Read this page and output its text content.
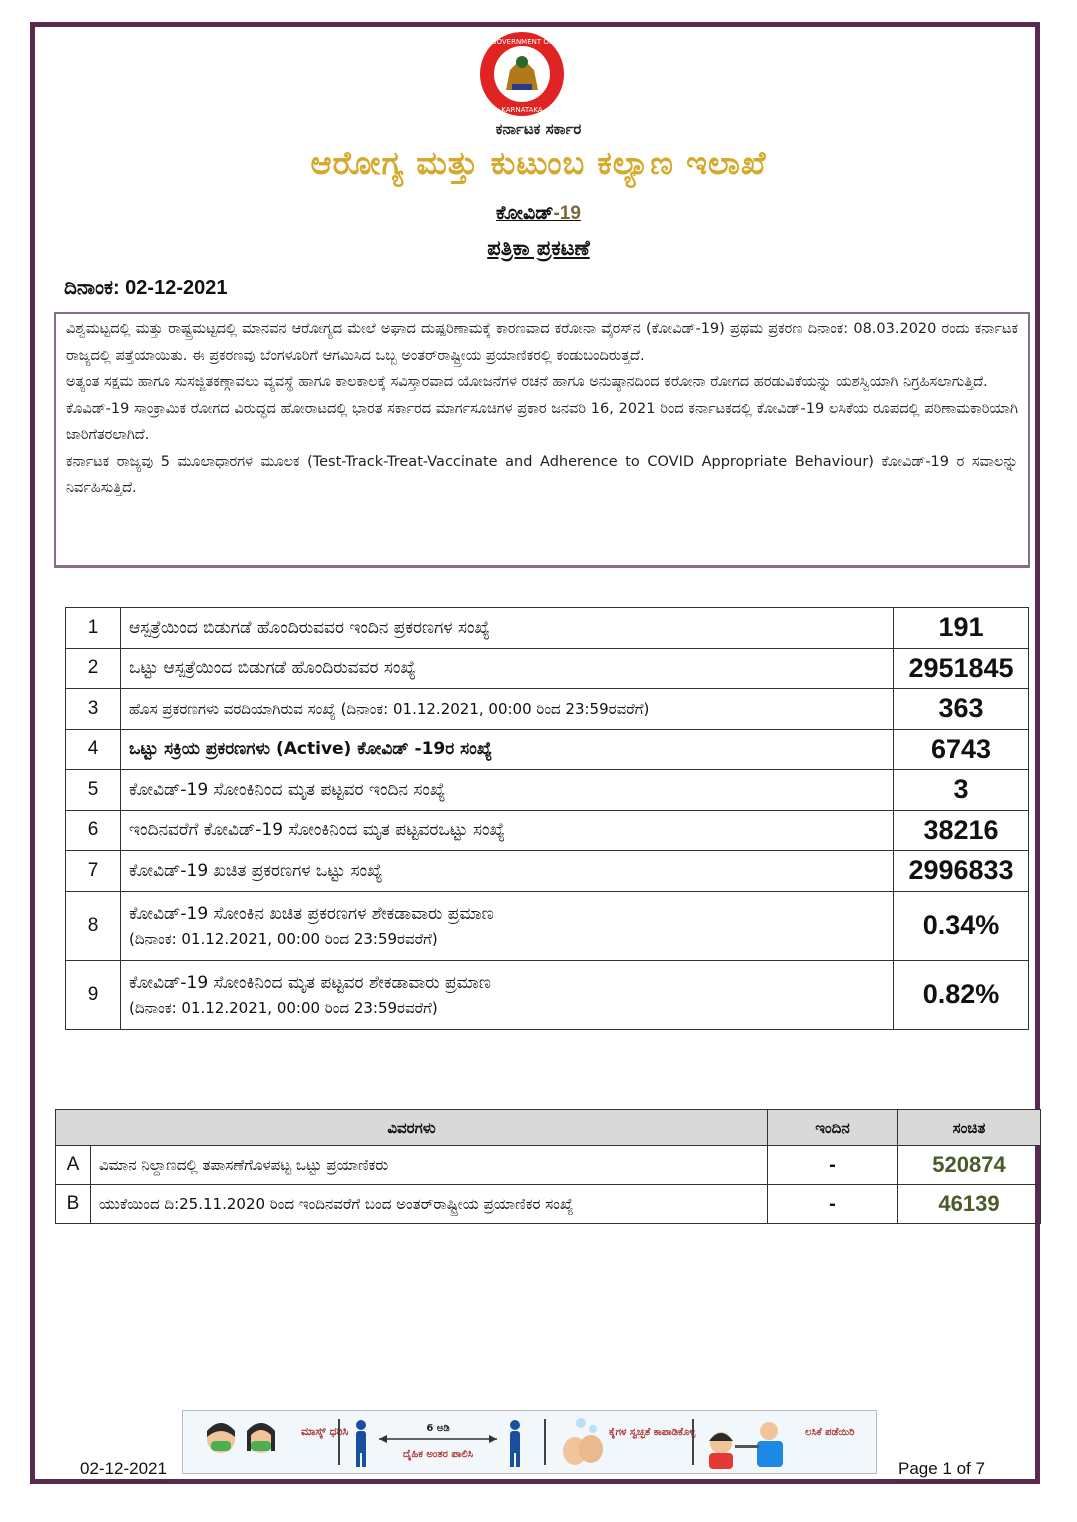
GOVERNMENT OF
KARNATAKA
ಕರ್ನಾಟಕ ಸರ್ಕಾರ
ಆರೋಗ್ಯ ಮತ್ತು ಕುಟುಂಬ ಕಲ್ಯಾಣ ಇಲಾಖೆ
ಕೋವಿಡ್-19
ಪತ್ರಿಕಾ ಪ್ರಕಟಣೆ
ದಿನಾಂಕ: 02-12-2021

ವಿಶ್ವಮಟ್ಟದಲ್ಲಿ ಮತ್ತು ರಾಷ್ಟ್ರಮಟ್ಟದಲ್ಲಿ ಮಾನವನ ಆರೋಗ್ಯದ ಮೇಲೆ ಅಘಾದ ದುಷ್ಪರಿಣಾಮಕ್ಕೆ ಕಾರಣವಾದ ಕರೋನಾ ವೈರಸ್‌ನ (ಕೋವಿಡ್-19) ಪ್ರಥಮ ಪ್ರಕರಣ ದಿನಾಂಕ: 08.03.2020 ರಂದು ಕರ್ನಾಟಕ ರಾಜ್ಯದಲ್ಲಿ ಪತ್ತೆಯಾಯಿತು. ಈ ಪ್ರಕರಣವು ಬೆಂಗಳೂರಿಗೆ ಆಗಮಿಸಿದ ಒಬ್ಬ ಅಂತರ್‌ರಾಷ್ಟ್ರೀಯ ಪ್ರಯಾಣಿಕರಲ್ಲಿ ಕಂಡುಬಂದಿರುತ್ತದೆ.

ಅತ್ಯಂತ ಸಕ್ಷಮ ಹಾಗೂ ಸುಸಜ್ಜಿತಕಣ್ಗಾವಲು ವ್ಯವಸ್ಥೆ ಹಾಗೂ ಕಾಲಕಾಲಕ್ಕೆ ಸವಿಸ್ತಾರವಾದ ಯೋಜನೆಗಳ ರಚನೆ ಹಾಗೂ ಅನುಷ್ಠಾನದಿಂದ ಕರೋನಾ ರೋಗದ ಹರಡುವಿಕೆಯನ್ನು ಯಶಸ್ವಿಯಾಗಿ ನಿಗ್ರಹಿಸಲಾಗುತ್ತಿದೆ.

ಕೊವಿಡ್-19 ಸಾಂಕ್ರಾಮಿಕ ರೋಗದ ವಿರುದ್ಧದ ಹೋರಾಟದಲ್ಲಿ ಭಾರತ ಸರ್ಕಾರದ ಮಾರ್ಗಸೂಚಿಗಳ ಪ್ರಕಾರ ಜನವರಿ 16, 2021 ರಿಂದ ಕರ್ನಾಟಕದಲ್ಲಿ ಕೋವಿಡ್-19 ಲಸಿಕೆಯ ರೂಪದಲ್ಲಿ ಪರಿಣಾಮಕಾರಿಯಾಗಿ ಜಾರಿಗೆತರಲಾಗಿದೆ.

ಕರ್ನಾಟಕ ರಾಜ್ಯವು 5 ಮೂಲಾಧಾರಗಳ ಮೂಲಕ (Test-Track-Treat-Vaccinate and Adherence to COVID Appropriate Behaviour) ಕೋವಿಡ್-19 ರ ಸವಾಲನ್ನು ನಿರ್ವಹಿಸುತ್ತಿದೆ.

1	ಆಸ್ಪತ್ರೆಯಿಂದ ಬಿಡುಗಡೆ ಹೊಂದಿರುವವರ ಇಂದಿನ ಪ್ರಕರಣಗಳ ಸಂಖ್ಯೆ	191
2	ಒಟ್ಟು ಆಸ್ಪತ್ರೆಯಿಂದ ಬಿಡುಗಡೆ ಹೊಂದಿರುವವರ ಸಂಖ್ಯೆ	2951845
3	ಹೊಸ ಪ್ರಕರಣಗಳು ವರದಿಯಾಗಿರುವ ಸಂಖ್ಯೆ (ದಿನಾಂಕ: 01.12.2021, 00:00 ರಿಂದ 23:59ರವರೆಗೆ)	363
4	ಒಟ್ಟು ಸಕ್ರಿಯ ಪ್ರಕರಣಗಳು (Active) ಕೋವಿಡ್ -19ರ ಸಂಖ್ಯೆ	6743
5	ಕೋವಿಡ್-19 ಸೋಂಕಿನಿಂದ ಮೃತ ಪಟ್ಟವರ ಇಂದಿನ ಸಂಖ್ಯೆ	3
6	ಇಂದಿನವರೆಗೆ ಕೋವಿಡ್-19 ಸೋಂಕಿನಿಂದ ಮೃತ ಪಟ್ಟವರಒಟ್ಟು ಸಂಖ್ಯೆ	38216
7	ಕೋವಿಡ್-19 ಖಚಿತ ಪ್ರಕರಣಗಳ ಒಟ್ಟು ಸಂಖ್ಯೆ	2996833
8	ಕೋವಿಡ್-19 ಸೋಂಕಿನ ಖಚಿತ ಪ್ರಕರಣಗಳ ಶೇಕಡಾವಾರು ಪ್ರಮಾಣ
(ದಿನಾಂಕ: 01.12.2021, 00:00 ರಿಂದ 23:59ರವರೆಗೆ)	0.34%
9	ಕೋವಿಡ್-19 ಸೋಂಕಿನಿಂದ ಮೃತ ಪಟ್ಟವರ ಶೇಕಡಾವಾರು ಪ್ರಮಾಣ
(ದಿನಾಂಕ: 01.12.2021, 00:00 ರಿಂದ 23:59ರವರೆಗೆ)	0.82%
ವಿವರಗಳು		ಇಂದಿನ	ಸಂಚಿತ
A	ವಿಮಾನ ನಿಲ್ದಾಣದಲ್ಲಿ ತಪಾಸಣೆಗೊಳಪಟ್ಟ ಒಟ್ಟು ಪ್ರಯಾಣಿಕರು	-	520874
B	ಯುಕೆಯಿಂದ ದಿ:25.11.2020 ರಿಂದ ಇಂದಿನವರೆಗೆ ಬಂದ ಅಂತರ್‌ರಾಷ್ಟ್ರೀಯ ಪ್ರಯಾಣಿಕರ ಸಂಖ್ಯೆ	-	46139
ಮಾಸ್ಕ್ ಧರಿಸಿ	6 ಅಡಿ
ದೈಹಿಕ ಅಂತರ ಪಾಲಿಸಿ
ಕೈಗಳ ಸ್ವಚ್ಛತೆ ಕಾಪಾಡಿಕೊಳ್ಳಿ	ಲಸಿಕೆ ಪಡೆಯಿರಿ
02-12-2021	Page 1 of 7
